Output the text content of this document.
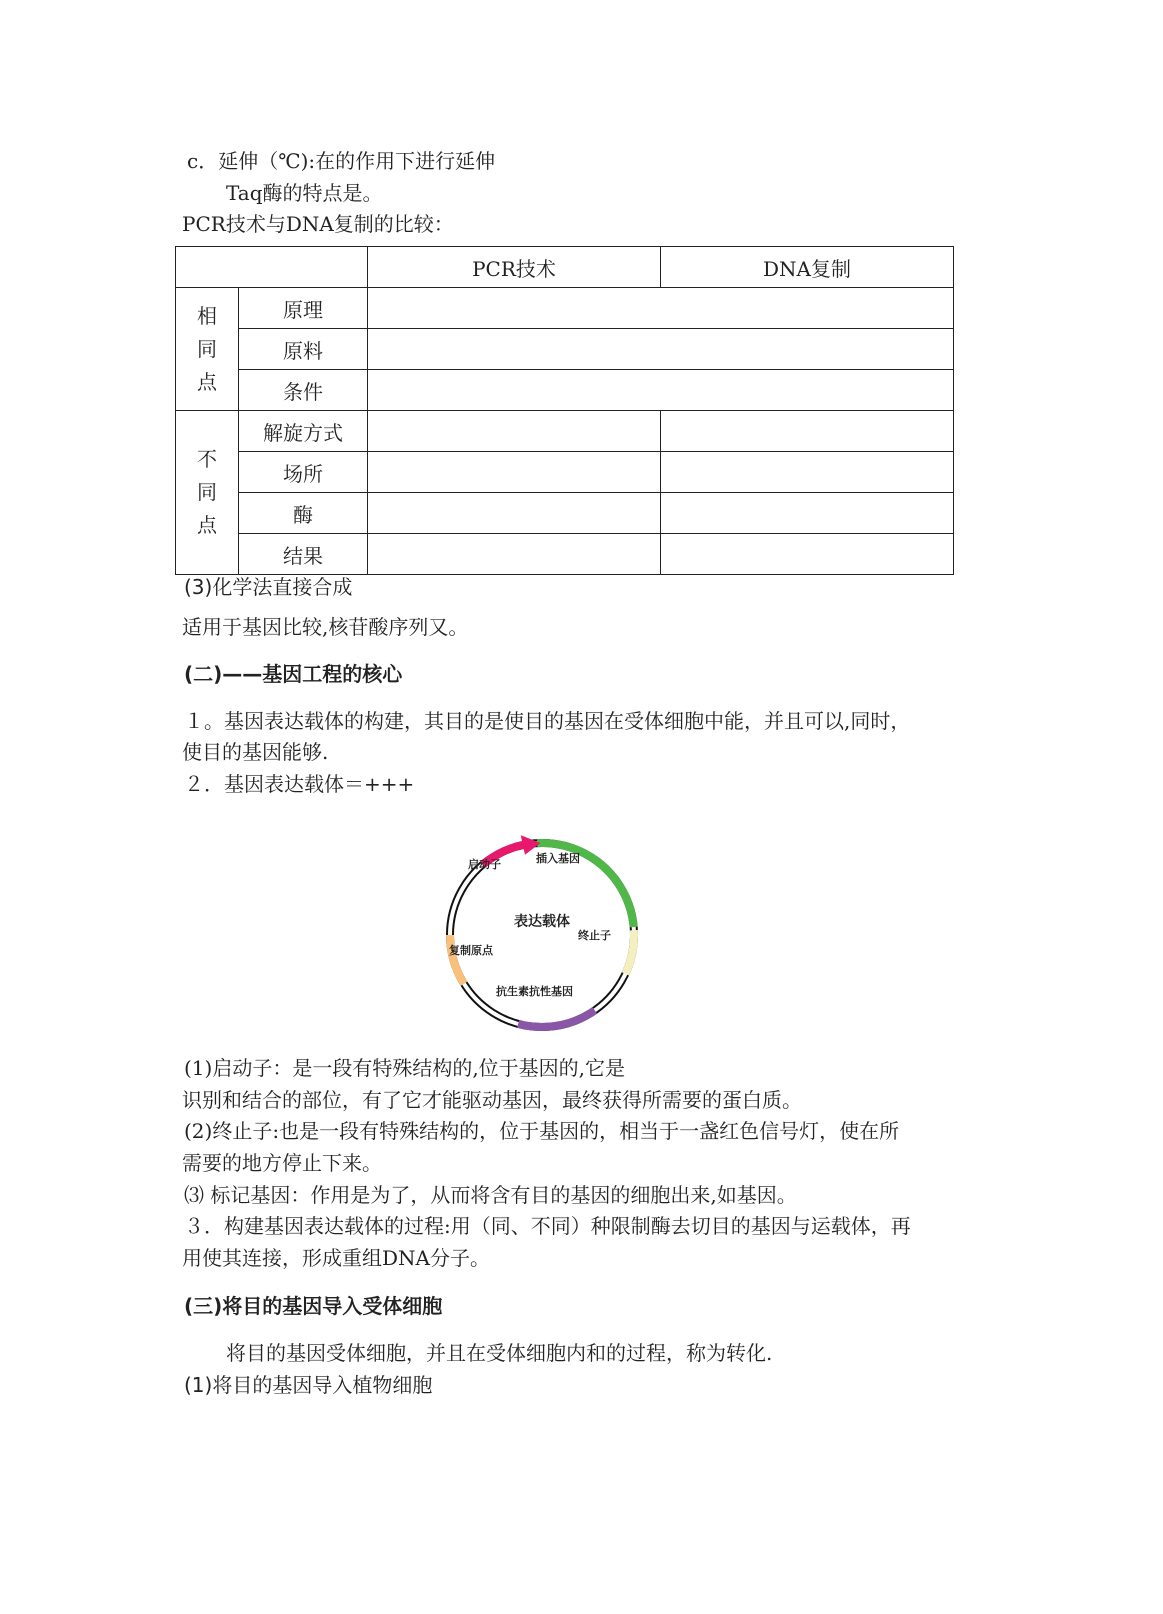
c．延伸（℃):在的作用下进行延伸
Taq酶的特点是。
PCR技术与DNA复制的比较：
		PCR技术	DNA复制
相
同
点	原理		
	原料		
	条件		
不
同
点	解旋方式		
	场所		
	酶		
	结果		
(3)化学法直接合成
适用于基因比较,核苷酸序列又。
(二)——基因工程的核心
１。基因表达载体的构建，其目的是使目的基因在受体细胞中能，并且可以,同时，
使目的基因能够.
２．基因表达载体＝+++
表达载体
启动子	插入基因
终止子
复制原点
抗生素抗性基因
(1)启动子：是一段有特殊结构的,位于基因的,它是
识别和结合的部位，有了它才能驱动基因，最终获得所需要的蛋白质。
(2)终止子:也是一段有特殊结构的，位于基因的，相当于一盏红色信号灯，使在所
需要的地方停止下来。
⑶ 标记基因：作用是为了，从而将含有目的基因的细胞出来,如基因。
３．构建基因表达载体的过程:用（同、不同）种限制酶去切目的基因与运载体，再
用使其连接，形成重组DNA分子。
(三)将目的基因导入受体细胞
将目的基因受体细胞，并且在受体细胞内和的过程，称为转化.
(1)将目的基因导入植物细胞
